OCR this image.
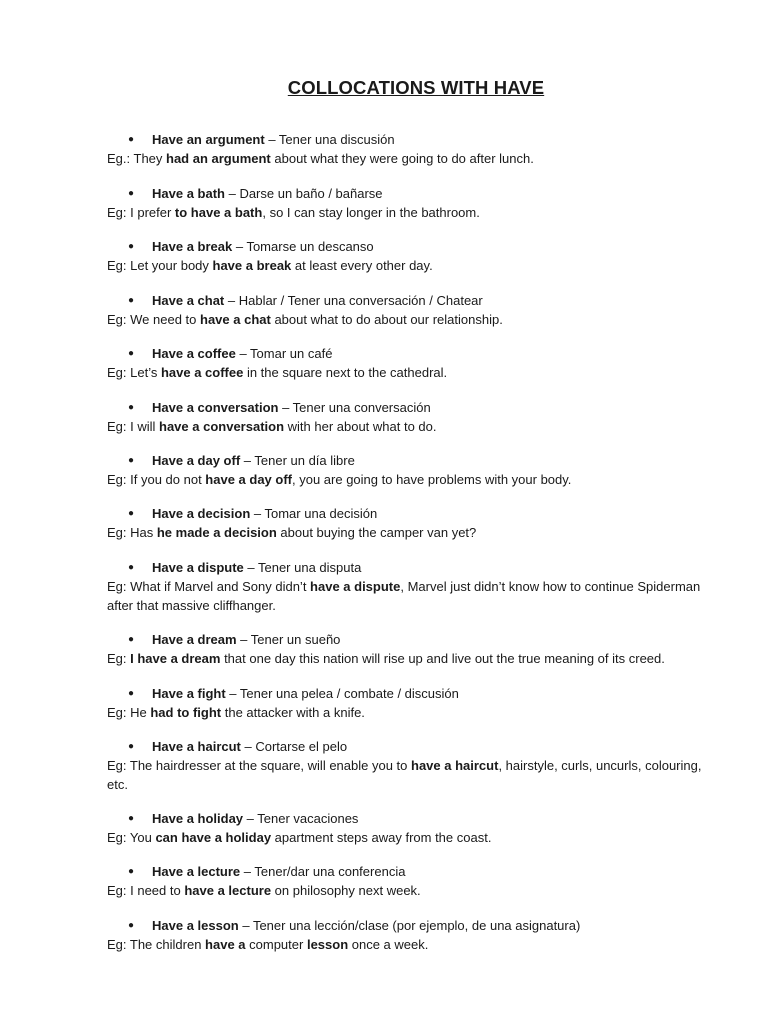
COLLOCATIONS WITH HAVE
● Have an argument – Tener una discusión
Eg.: They had an argument about what they were going to do after lunch.
● Have a bath – Darse un baño / bañarse
Eg: I prefer to have a bath, so I can stay longer in the bathroom.
● Have a break – Tomarse un descanso
Eg: Let your body have a break at least every other day.
● Have a chat – Hablar / Tener una conversación / Chatear
Eg: We need to have a chat about what to do about our relationship.
● Have a coffee – Tomar un café
Eg: Let’s have a coffee in the square next to the cathedral.
● Have a conversation – Tener una conversación
Eg: I will have a conversation with her about what to do.
● Have a day off – Tener un día libre
Eg: If you do not have a day off, you are going to have problems with your body.
● Have a decision – Tomar una decisión
Eg: Has he made a decision about buying the camper van yet?
● Have a dispute – Tener una disputa
Eg: What if Marvel and Sony didn’t have a dispute, Marvel just didn’t know how to continue Spiderman after that massive cliffhanger.
● Have a dream – Tener un sueño
Eg: I have a dream that one day this nation will rise up and live out the true meaning of its creed.
● Have a fight – Tener una pelea / combate / discusión
Eg: He had to fight the attacker with a knife.
● Have a haircut – Cortarse el pelo
Eg: The hairdresser at the square, will enable you to have a haircut, hairstyle, curls, uncurls, colouring, etc.
● Have a holiday – Tener vacaciones
Eg: You can have a holiday apartment steps away from the coast.
● Have a lecture – Tener/dar una conferencia
Eg: I need to have a lecture on philosophy next week.
● Have a lesson – Tener una lección/clase (por ejemplo, de una asignatura)
Eg: The children have a computer lesson once a week.
